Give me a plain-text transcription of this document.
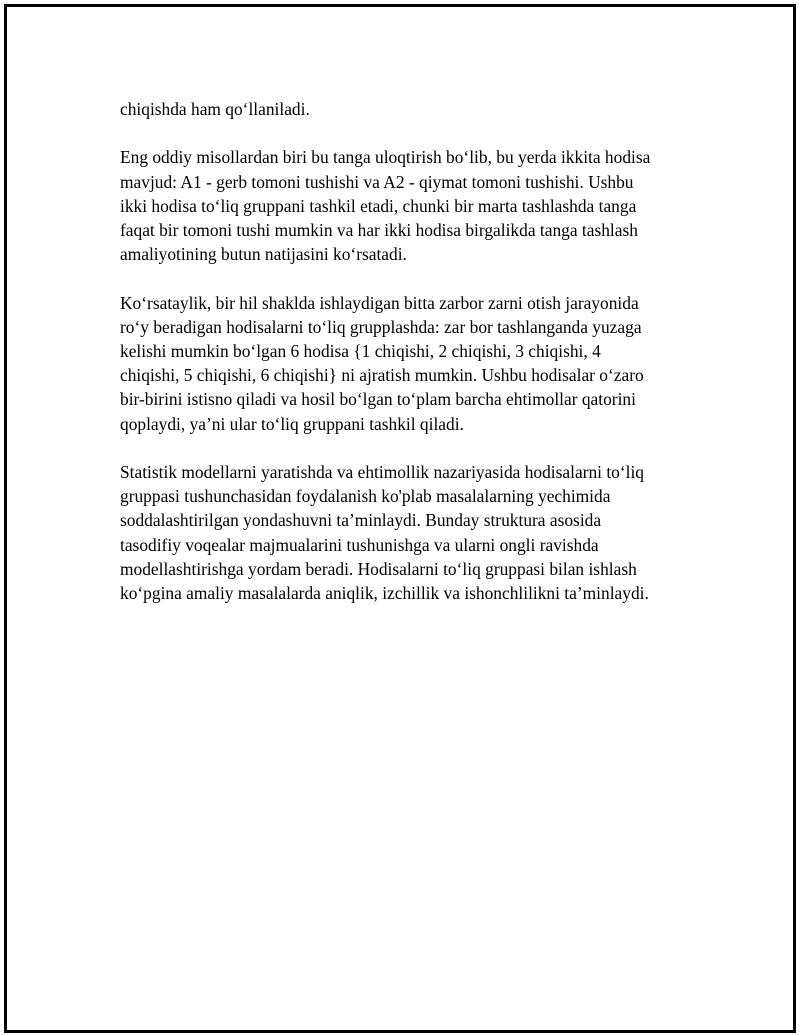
chiqishda ham qo‘llaniladi.

Eng oddiy misollardan biri bu tanga uloqtirish bo‘lib, bu yerda ikkita hodisa
mavjud: A1 - gerb tomoni tushishi va A2 - qiymat tomoni tushishi. Ushbu
ikki hodisa to‘liq gruppani tashkil etadi, chunki bir marta tashlashda tanga
faqat bir tomoni tushi mumkin va har ikki hodisa birgalikda tanga tashlash
amaliyotining butun natijasini ko‘rsatadi.

Ko‘rsataylik, bir hil shaklda ishlaydigan bitta zarbor zarni otish jarayonida
ro‘y beradigan hodisalarni to‘liq grupplashda: zar bor tashlanganda yuzaga
kelishi mumkin bo‘lgan 6 hodisa {1 chiqishi, 2 chiqishi, 3 chiqishi, 4
chiqishi, 5 chiqishi, 6 chiqishi} ni ajratish mumkin. Ushbu hodisalar o‘zaro
bir-birini istisno qiladi va hosil bo‘lgan to‘plam barcha ehtimollar qatorini
qoplaydi, ya’ni ular to‘liq gruppani tashkil qiladi.

Statistik modellarni yaratishda va ehtimollik nazariyasida hodisalarni to‘liq
gruppasi tushunchasidan foydalanish ko'plab masalalarning yechimida
soddalashtirilgan yondashuvni ta’minlaydi. Bunday struktura asosida
tasodifiy voqealar majmualarini tushunishga va ularni ongli ravishda
modellashtirishga yordam beradi. Hodisalarni to‘liq gruppasi bilan ishlash
ko‘pgina amaliy masalalarda aniqlik, izchillik va ishonchlilikni ta’minlaydi.
